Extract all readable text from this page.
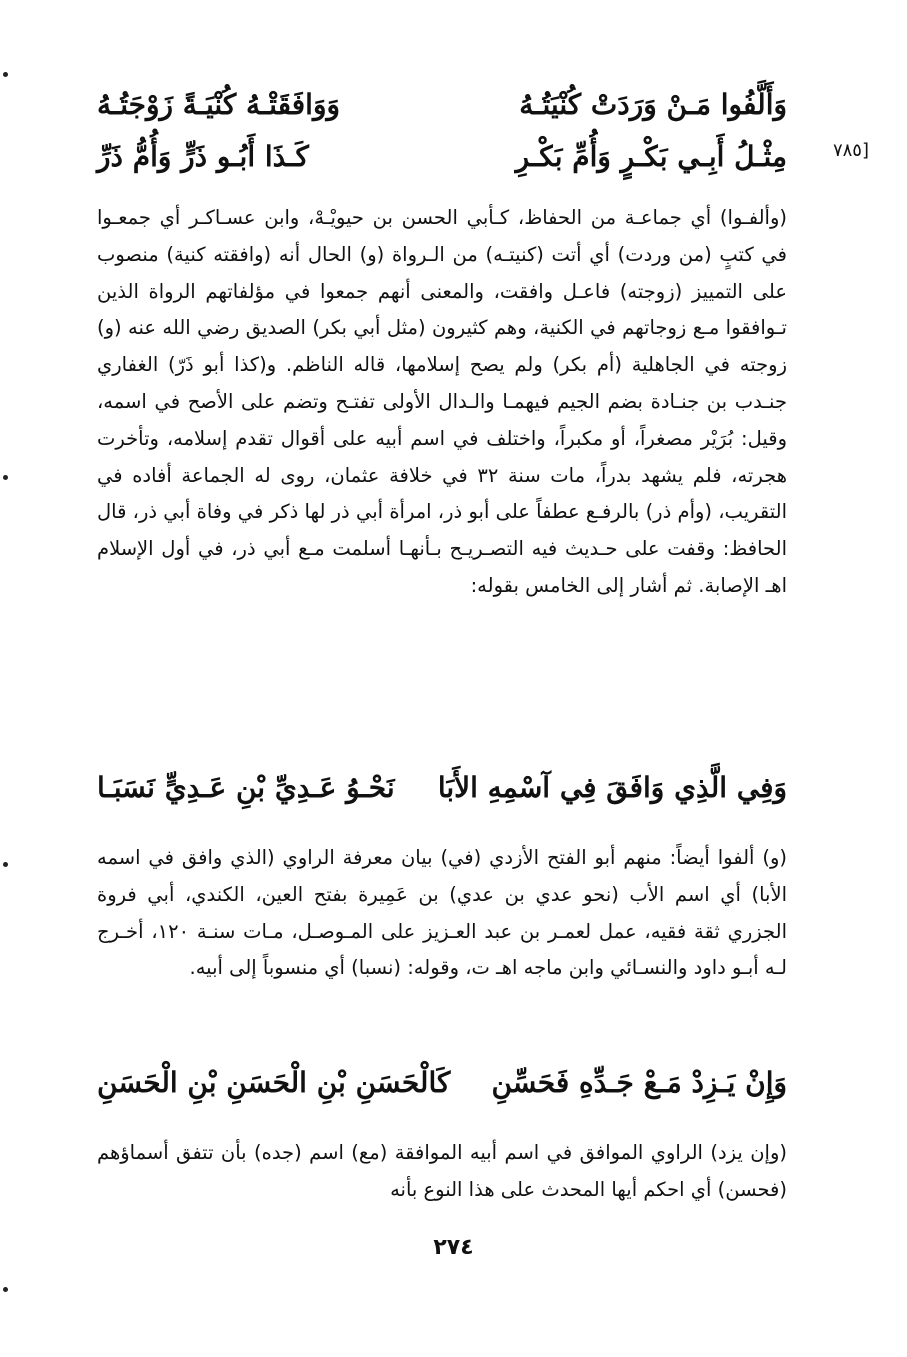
وَأَلَّفُوا مَـنْ وَرَدَتْ كُنْيَتُـهُ
وَوَافَقَتْـهُ كُنْيَـةً زَوْجَتُـهُ
[٧٨٥
مِثْـلُ أَبِـي بَكْـرٍ وَأُمِّ بَكْـرِ
كَـذَا أَبُـو ذَرٍّ وَأُمُّ ذَرِّ
(وألفـوا) أي جماعـة من الحفاظ، كـأبي الحسن بن حيويْـهْ، وابن عسـاكـر أي جمعـوا في كتبٍ (من وردت) أي أتت (كنيتـه) من الـرواة (و) الحال أنه (وافقته كنية) منصوب على التمييز (زوجته) فاعـل وافقت، والمعنى أنهم جمعوا في مؤلفاتهم الرواة الذين تـوافقوا مـع زوجاتهم في الكنية، وهم كثيرون (مثل أبي بكر) الصديق رضي الله عنه (و) زوجته في الجاهلية (أم بكر) ولم يصح إسلامها، قاله الناظم. و(كذا أبو ذَرّ) الغفاري جنـدب بن جنـادة بضم الجيم فيهمـا والـدال الأولى تفتـح وتضم على الأصح في اسمه، وقيل: بُرَيْر مصغراً، أو مكبراً، واختلف في اسم أبيه على أقوال تقدم إسلامه، وتأخرت هجرته، فلم يشهد بدراً، مات سنة ٣٢ في خلافة عثمان، روى له الجماعة أفاده في التقريب، (وأم ذر) بالرفـع عطفاً على أبو ذر، امرأة أبي ذر لها ذكر في وفاة أبي ذر، قال الحافظ: وقفت على حـديث فيه التصـريـح بـأنهـا أسلمت مـع أبي ذر، في أول الإسلام اهـ الإصابة. ثم أشار إلى الخامس بقوله:
وَفِي الَّذِي وَافَقَ فِي آسْمِهِ الأَبَا
نَحْـوُ عَـدِيِّ بْنِ عَـدِيٍّ نَسَبَـا
(و) ألفوا أيضاً: منهم أبو الفتح الأزدي (في) بيان معرفة الراوي (الذي وافق في اسمه الأبا) أي اسم الأب (نحو عدي بن عدي) بن عَمِيرة بفتح العين، الكندي، أبي فروة الجزري ثقة فقيه، عمل لعمـر بن عبد العـزيز على المـوصـل، مـات سنـة ١٢٠، أخـرج لـه أبـو داود والنسـائي وابن ماجه اهـ ت، وقوله: (نسبا) أي منسوباً إلى أبيه.
وَإِنْ يَـزِدْ مَـعْ جَـدِّهِ فَحَسِّنِ
كَالْحَسَنِ بْنِ الْحَسَنِ بْنِ الْحَسَنِ
(وإن يزد) الراوي الموافق في اسم أبيه الموافقة (مع) اسم (جده) بأن تتفق أسماؤهم (فحسن) أي احكم أيها المحدث على هذا النوع بأنه
٢٧٤
